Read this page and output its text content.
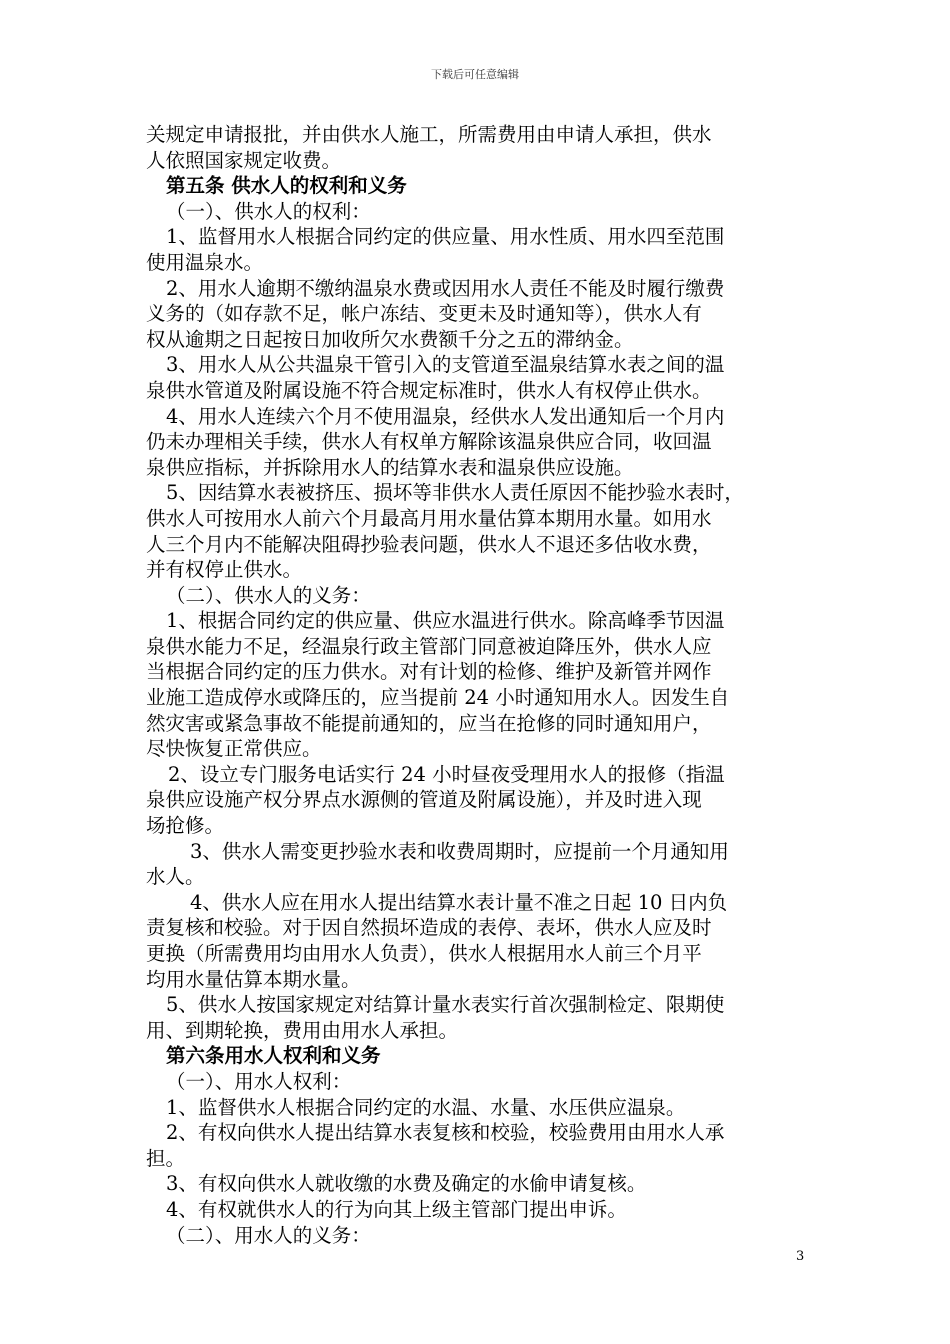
下载后可任意编辑
关规定申请报批，并由供水人施工，所需费用由申请人承担，供水
人依照国家规定收费。
第五条 供水人的权利和义务
（一）、供水人的权利：
1、监督用水人根据合同约定的供应量、用水性质、用水四至范围
使用温泉水。
2、用水人逾期不缴纳温泉水费或因用水人责任不能及时履行缴费
义务的（如存款不足，帐户冻结、变更未及时通知等），供水人有
权从逾期之日起按日加收所欠水费额千分之五的滞纳金。
3、用水人从公共温泉干管引入的支管道至温泉结算水表之间的温
泉供水管道及附属设施不符合规定标准时，供水人有权停止供水。
4、用水人连续六个月不使用温泉，经供水人发出通知后一个月内
仍未办理相关手续，供水人有权单方解除该温泉供应合同，收回温
泉供应指标，并拆除用水人的结算水表和温泉供应设施。
5、因结算水表被挤压、损坏等非供水人责任原因不能抄验水表时，
供水人可按用水人前六个月最高月用水量估算本期用水量。如用水
人三个月内不能解决阻碍抄验表问题，供水人不退还多估收水费，
并有权停止供水。
（二）、供水人的义务：
1、根据合同约定的供应量、供应水温进行供水。除高峰季节因温
泉供水能力不足，经温泉行政主管部门同意被迫降压外，供水人应
当根据合同约定的压力供水。对有计划的检修、维护及新管并网作
业施工造成停水或降压的，应当提前 24 小时通知用水人。因发生自
然灾害或紧急事故不能提前通知的，应当在抢修的同时通知用户，
尽快恢复正常供应。
2、设立专门服务电话实行 24 小时昼夜受理用水人的报修（指温
泉供应设施产权分界点水源侧的管道及附属设施），并及时进入现
场抢修。
3、供水人需变更抄验水表和收费周期时，应提前一个月通知用
水人。
4、供水人应在用水人提出结算水表计量不准之日起 10 日内负
责复核和校验。对于因自然损坏造成的表停、表坏，供水人应及时
更换（所需费用均由用水人负责），供水人根据用水人前三个月平
均用水量估算本期水量。
5、供水人按国家规定对结算计量水表实行首次强制检定、限期使
用、到期轮换，费用由用水人承担。
第六条用水人权利和义务
（一）、用水人权利：
1、监督供水人根据合同约定的水温、水量、水压供应温泉。
2、有权向供水人提出结算水表复核和校验，校验费用由用水人承
担。
3、有权向供水人就收缴的水费及确定的水偷申请复核。
4、有权就供水人的行为向其上级主管部门提出申诉。
（二）、用水人的义务：
3
